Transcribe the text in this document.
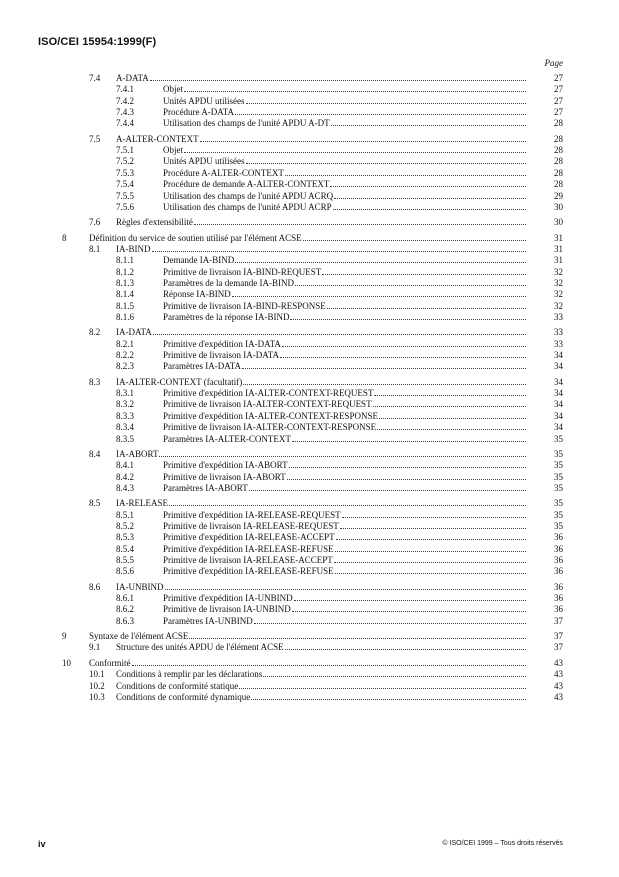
ISO/CEI 15954:1999(F)
Page
7.4 A-DATA	27
7.4.1	Objet	27
7.4.2	Unités APDU utilisées	27
7.4.3	Procédure A-DATA	27
7.4.4	Utilisation des champs de l'unité APDU A-DT	28
7.5 A-ALTER-CONTEXT	28
7.5.1	Objet	28
7.5.2	Unités APDU utilisées	28
7.5.3	Procédure A-ALTER-CONTEXT	28
7.5.4	Procédure de demande A-ALTER-CONTEXT	28
7.5.5	Utilisation des champs de l'unité APDU ACRQ	29
7.5.6	Utilisation des champs de l'unité APDU ACRP	30
7.6 Règles d'extensibilité	30
8	Définition du service de soutien utilisé par l'élément ACSE	31
8.1 IA-BIND	31
8.1.1	Demande IA-BIND	31
8.1.2	Primitive de livraison IA-BIND-REQUEST	32
8.1.3	Paramètres de la demande IA-BIND	32
8.1.4	Réponse IA-BIND	32
8.1.5	Primitive de livraison IA-BIND-RESPONSE	32
8.1.6	Paramètres de la réponse IA-BIND	33
8.2 IA-DATA	33
8.2.1	Primitive d'expédition IA-DATA	33
8.2.2	Primitive de livraison IA-DATA	34
8.2.3	Paramètres IA-DATA	34
8.3 IA-ALTER-CONTEXT (facultatif)	34
8.3.1	Primitive d'expédition IA-ALTER-CONTEXT-REQUEST	34
8.3.2	Primitive de livraison IA-ALTER-CONTEXT-REQUEST	34
8.3.3	Primitive d'expédition IA-ALTER-CONTEXT-RESPONSE	34
8.3.4	Primitive de livraison IA-ALTER-CONTEXT-RESPONSE	34
8.3.5	Paramètres IA-ALTER-CONTEXT	35
8.4 IA-ABORT	35
8.4.1	Primitive d'expédition IA-ABORT	35
8.4.2	Primitive de livraison IA-ABORT	35
8.4.3	Paramètres IA-ABORT	35
8.5 IA-RELEASE	35
8.5.1	Primitive d'expédition IA-RELEASE-REQUEST	35
8.5.2	Primitive de livraison IA-RELEASE-REQUEST	35
8.5.3	Primitive d'expédition IA-RELEASE-ACCEPT	36
8.5.4	Primitive d'expédition IA-RELEASE-REFUSE	36
8.5.5	Primitive de livraison IA-RELEASE-ACCEPT	36
8.5.6	Primitive d'expédition IA-RELEASE-REFUSE	36
8.6 IA-UNBIND	36
8.6.1	Primitive d'expédition IA-UNBIND	36
8.6.2	Primitive de livraison IA-UNBIND	36
8.6.3	Paramètres IA-UNBIND	37
9	Syntaxe de l'élément ACSE	37
9.1 Structure des unités APDU de l'élément ACSE	37
10 Conformité	43
10.1 Conditions à remplir par les déclarations	43
10.2 Conditions de conformité statique	43
10.3 Conditions de conformité dynamique	43
iv	© ISO/CEI 1999 – Tous droits réservés
